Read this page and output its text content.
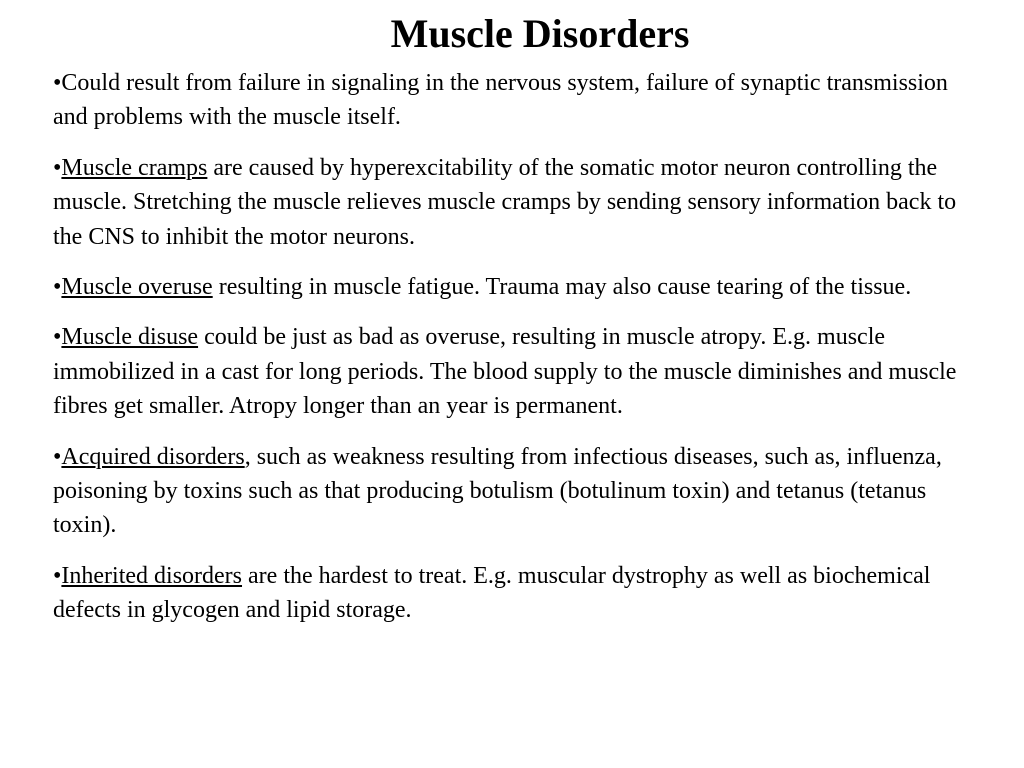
Muscle Disorders
•Could result from failure in signaling in the nervous system, failure of synaptic transmission and problems with the muscle itself.
•Muscle cramps are caused by hyperexcitability of the somatic motor neuron controlling the muscle. Stretching the muscle relieves muscle cramps by sending sensory information back to the CNS to inhibit the motor neurons.
•Muscle overuse resulting in muscle fatigue. Trauma may also cause tearing of the tissue.
•Muscle disuse could be just as bad as overuse, resulting in muscle atropy. E.g. muscle immobilized in a cast for long periods. The blood supply to the muscle diminishes and muscle fibres get smaller. Atropy longer than an year is permanent.
•Acquired disorders, such as weakness resulting from infectious diseases, such as, influenza, poisoning by toxins such as that producing botulism (botulinum toxin) and tetanus (tetanus toxin).
•Inherited disorders are the hardest to treat. E.g. muscular dystrophy as well as biochemical defects in glycogen and lipid storage.
